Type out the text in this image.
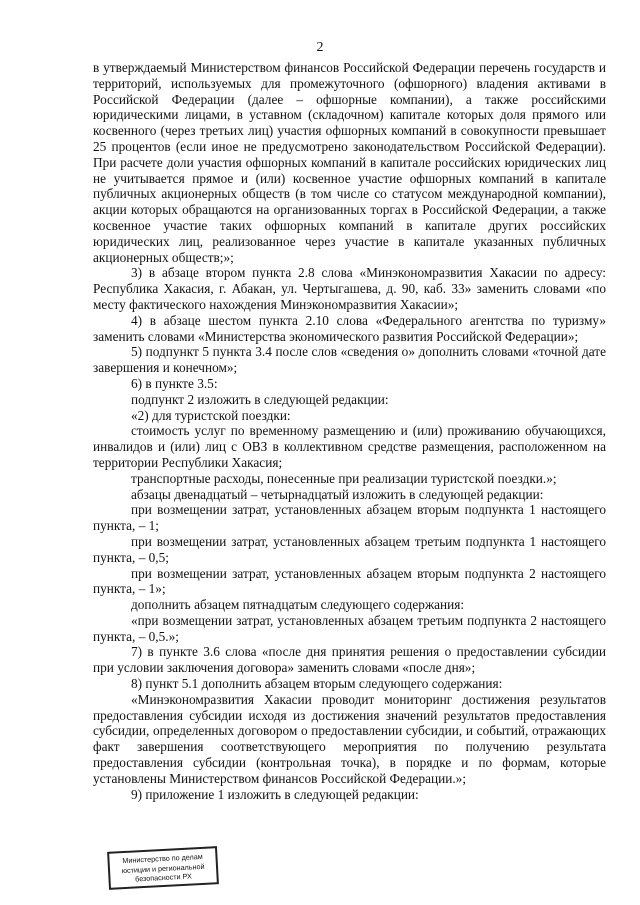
2

в утверждаемый Министерством финансов Российской Федерации перечень государств и территорий, используемых для промежуточного (офшорного) владения активами в Российской Федерации (далее – офшорные компании), а также российскими юридическими лицами, в уставном (складочном) капитале которых доля прямого или косвенного (через третьих лиц) участия офшорных компаний в совокупности превышает 25 процентов (если иное не предусмотрено законодательством Российской Федерации). При расчете доли участия офшорных компаний в капитале российских юридических лиц не учитывается прямое и (или) косвенное участие офшорных компаний в капитале публичных акционерных обществ (в том числе со статусом международной компании), акции которых обращаются на организованных торгах в Российской Федерации, а также косвенное участие таких офшорных компаний в капитале других российских юридических лиц, реализованное через участие в капитале указанных публичных акционерных обществ;»;

3) в абзаце втором пункта 2.8 слова «Минэкономразвития Хакасии по адресу: Республика Хакасия, г. Абакан, ул. Чертыгашева, д. 90, каб. 33» заменить словами «по месту фактического нахождения Минэкономразвития Хакасии»;

4) в абзаце шестом пункта 2.10 слова «Федерального агентства по туризму» заменить словами «Министерства экономического развития Российской Федерации»;

5) подпункт 5 пункта 3.4 после слов «сведения о» дополнить словами «точной дате завершения и конечном»;

6) в пункте 3.5:

подпункт 2 изложить в следующей редакции:

«2) для туристской поездки:

стоимость услуг по временному размещению и (или) проживанию обучающихся, инвалидов и (или) лиц с ОВЗ в коллективном средстве размещения, расположенном на территории Республики Хакасия;

транспортные расходы, понесенные при реализации туристской поездки.»;

абзацы двенадцатый – четырнадцатый изложить в следующей редакции:

при возмещении затрат, установленных абзацем вторым подпункта 1 настоящего пункта, – 1;

при возмещении затрат, установленных абзацем третьим подпункта 1 настоящего пункта, – 0,5;

при возмещении затрат, установленных абзацем вторым подпункта 2 настоящего пункта, – 1»;

дополнить абзацем пятнадцатым следующего содержания:

«при возмещении затрат, установленных абзацем третьим подпункта 2 настоящего пункта, – 0,5.»;

7) в пункте 3.6 слова «после дня принятия решения о предоставлении субсидии при условии заключения договора» заменить словами «после дня»;

8) пункт 5.1 дополнить абзацем вторым следующего содержания:

«Минэкономразвития Хакасии проводит мониторинг достижения результатов предоставления субсидии исходя из достижения значений результатов предоставления субсидии, определенных договором о предоставлении субсидии, и событий, отражающих факт завершения соответствующего мероприятия по получению результата предоставления субсидии (контрольная точка), в порядке и по формам, которые установлены Министерством финансов Российской Федерации.»;

9) приложение 1 изложить в следующей редакции:

Министерство по делам
юстиции и региональной
безопасности РХ
